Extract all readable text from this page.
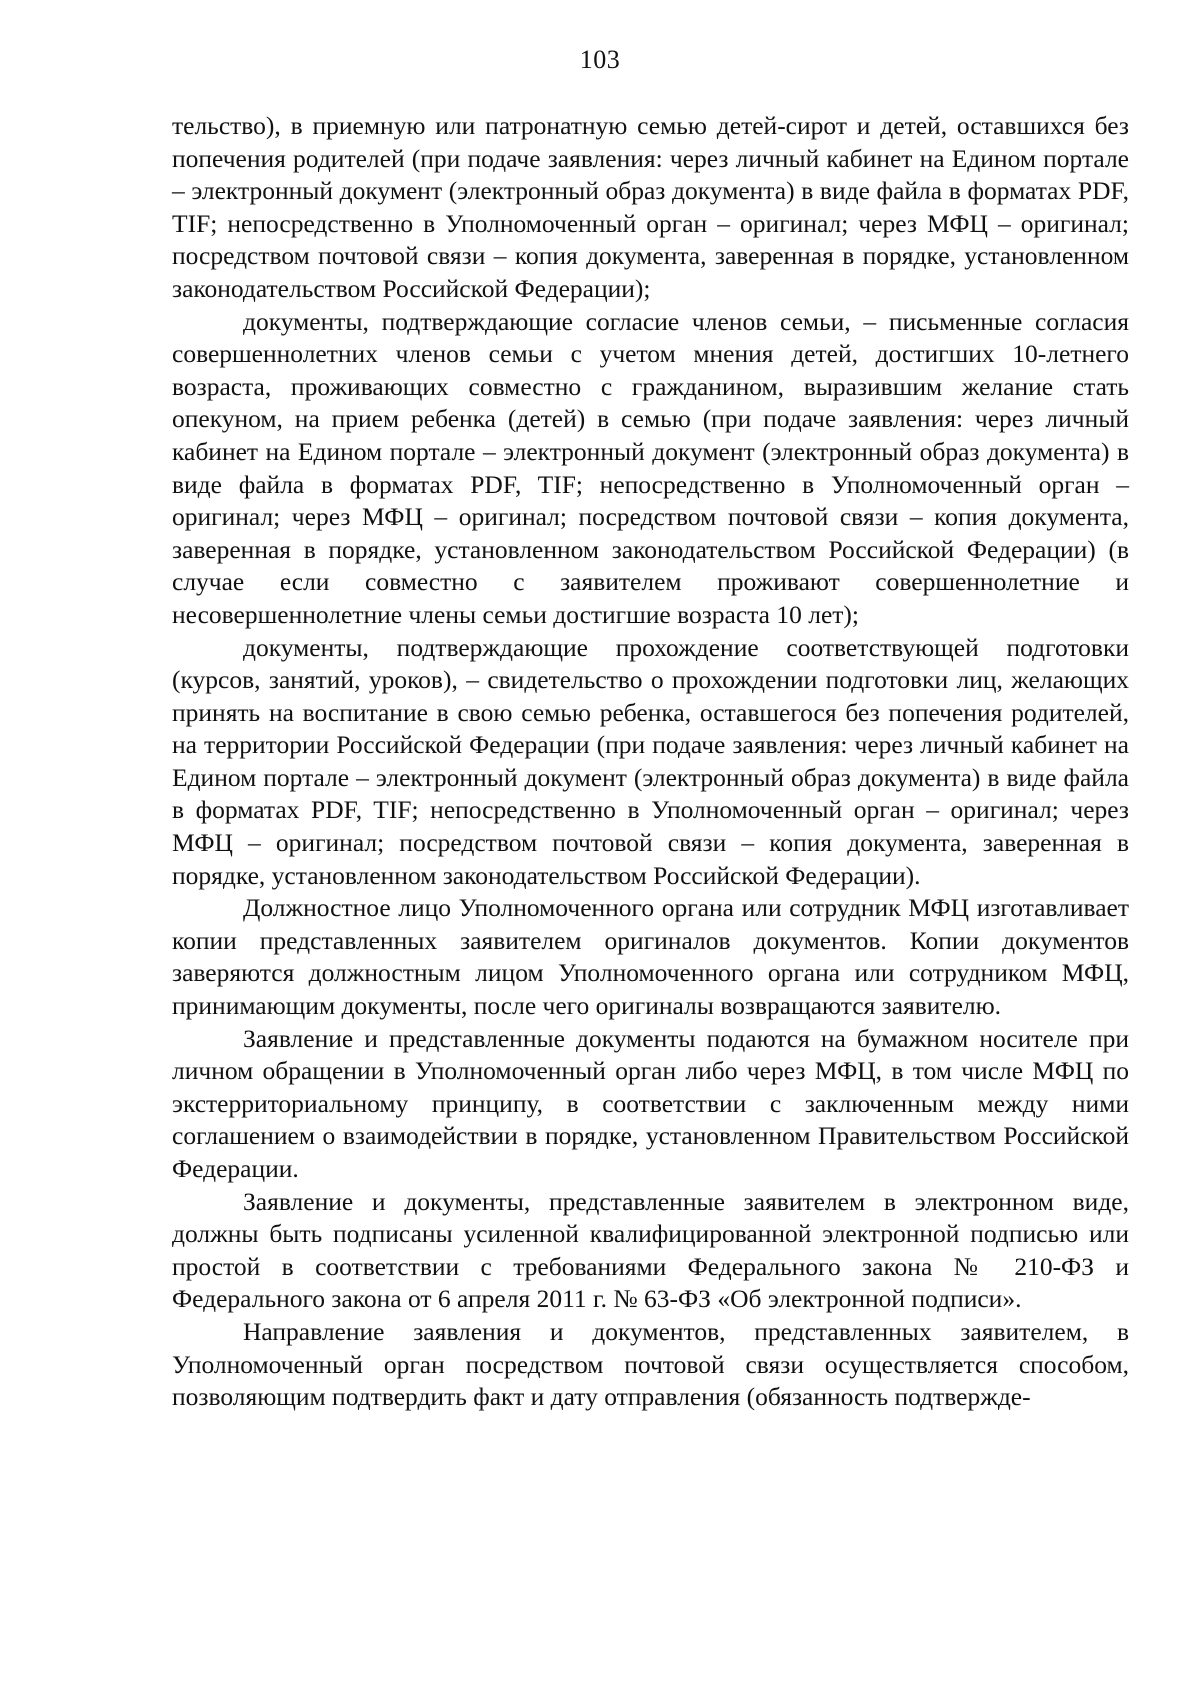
103

тельство), в приемную или патронатную семью детей-сирот и детей, оставшихся без попечения родителей (при подаче заявления: через личный кабинет на Едином портале – электронный документ (электронный образ документа) в виде файла в форматах PDF, TIF; непосредственно в Уполномоченный орган – оригинал; через МФЦ – оригинал; посредством почтовой связи – копия документа, заверенная в порядке, установленном законодательством Российской Федерации);

документы, подтверждающие согласие членов семьи, – письменные согласия совершеннолетних членов семьи с учетом мнения детей, достигших 10-летнего возраста, проживающих совместно с гражданином, выразившим желание стать опекуном, на прием ребенка (детей) в семью (при подаче заявления: через личный кабинет на Едином портале – электронный документ (электронный образ документа) в виде файла в форматах PDF, TIF; непосредственно в Уполномоченный орган – оригинал; через МФЦ – оригинал; посредством почтовой связи – копия документа, заверенная в порядке, установленном законодательством Российской Федерации) (в случае если совместно с заявителем проживают совершеннолетние и несовершеннолетние члены семьи достигшие возраста 10 лет);

документы, подтверждающие прохождение соответствующей подготовки (курсов, занятий, уроков), – свидетельство о прохождении подготовки лиц, желающих принять на воспитание в свою семью ребенка, оставшегося без попечения родителей, на территории Российской Федерации (при подаче заявления: через личный кабинет на Едином портале – электронный документ (электронный образ документа) в виде файла в форматах PDF, TIF; непосредственно в Уполномоченный орган – оригинал; через МФЦ – оригинал; посредством почтовой связи – копия документа, заверенная в порядке, установленном законодательством Российской Федерации).

Должностное лицо Уполномоченного органа или сотрудник МФЦ изготавливает копии представленных заявителем оригиналов документов. Копии документов заверяются должностным лицом Уполномоченного органа или сотрудником МФЦ, принимающим документы, после чего оригиналы возвращаются заявителю.

Заявление и представленные документы подаются на бумажном носителе при личном обращении в Уполномоченный орган либо через МФЦ, в том числе МФЦ по экстерриториальному принципу, в соответствии с заключенным между ними соглашением о взаимодействии в порядке, установленном Правительством Российской Федерации.

Заявление и документы, представленные заявителем в электронном виде, должны быть подписаны усиленной квалифицированной электронной подписью или простой в соответствии с требованиями Федерального закона № 210-ФЗ и Федерального закона от 6 апреля 2011 г. № 63-ФЗ «Об электронной подписи».

Направление заявления и документов, представленных заявителем, в Уполномоченный орган посредством почтовой связи осуществляется способом, позволяющим подтвердить факт и дату отправления (обязанность подтвержде-
